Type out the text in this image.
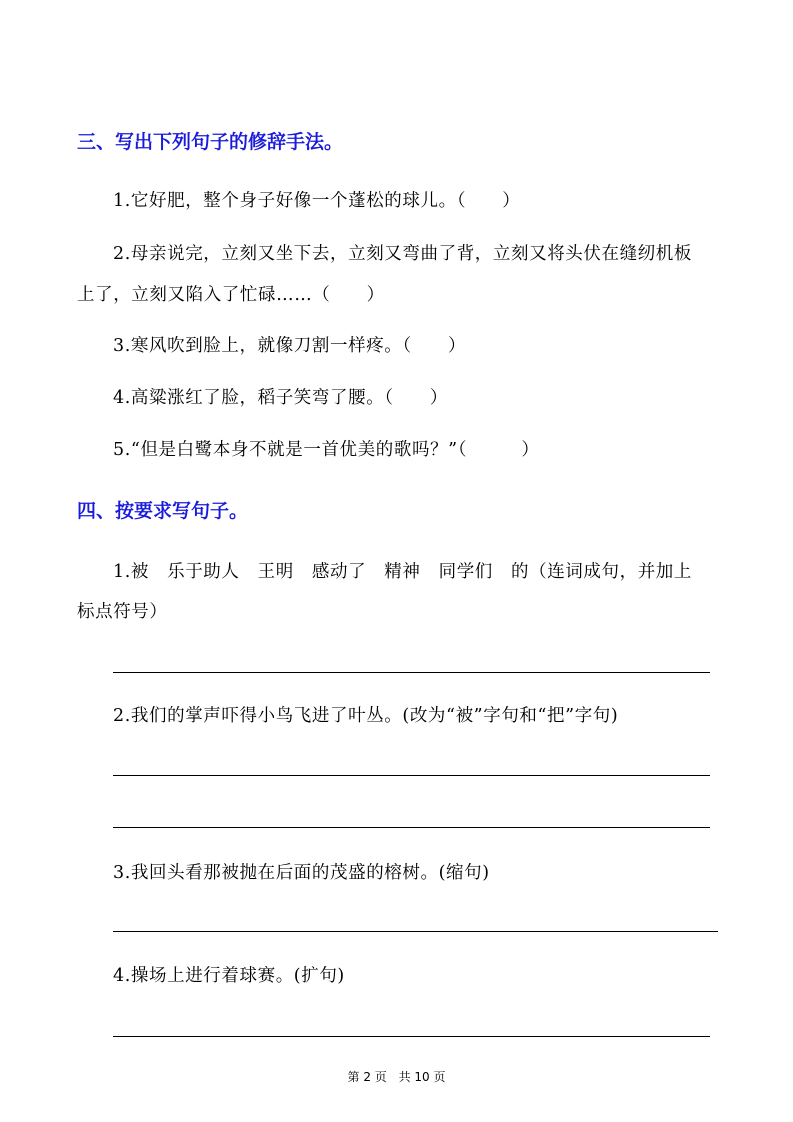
三、写出下列句子的修辞手法。
1.它好肥，整个身子好像一个蓬松的球儿。（　　）
2.母亲说完，立刻又坐下去，立刻又弯曲了背，立刻又将头伏在缝纫机板
上了，立刻又陷入了忙碌……（　　）
3.寒风吹到脸上，就像刀割一样疼。（　　）
4.高粱涨红了脸，稻子笑弯了腰。（　　）
5.“但是白鹭本身不就是一首优美的歌吗？”（　　　）
四、按要求写句子。
1.被　乐于助人　王明　感动了　精神　同学们　的（连词成句，并加上
标点符号）
2.我们的掌声吓得小鸟飞进了叶丛。(改为“被”字句和“把”字句)
3.我回头看那被抛在后面的茂盛的榕树。(缩句)
4.操场上进行着球赛。(扩句)
第 2 页 共 10 页
